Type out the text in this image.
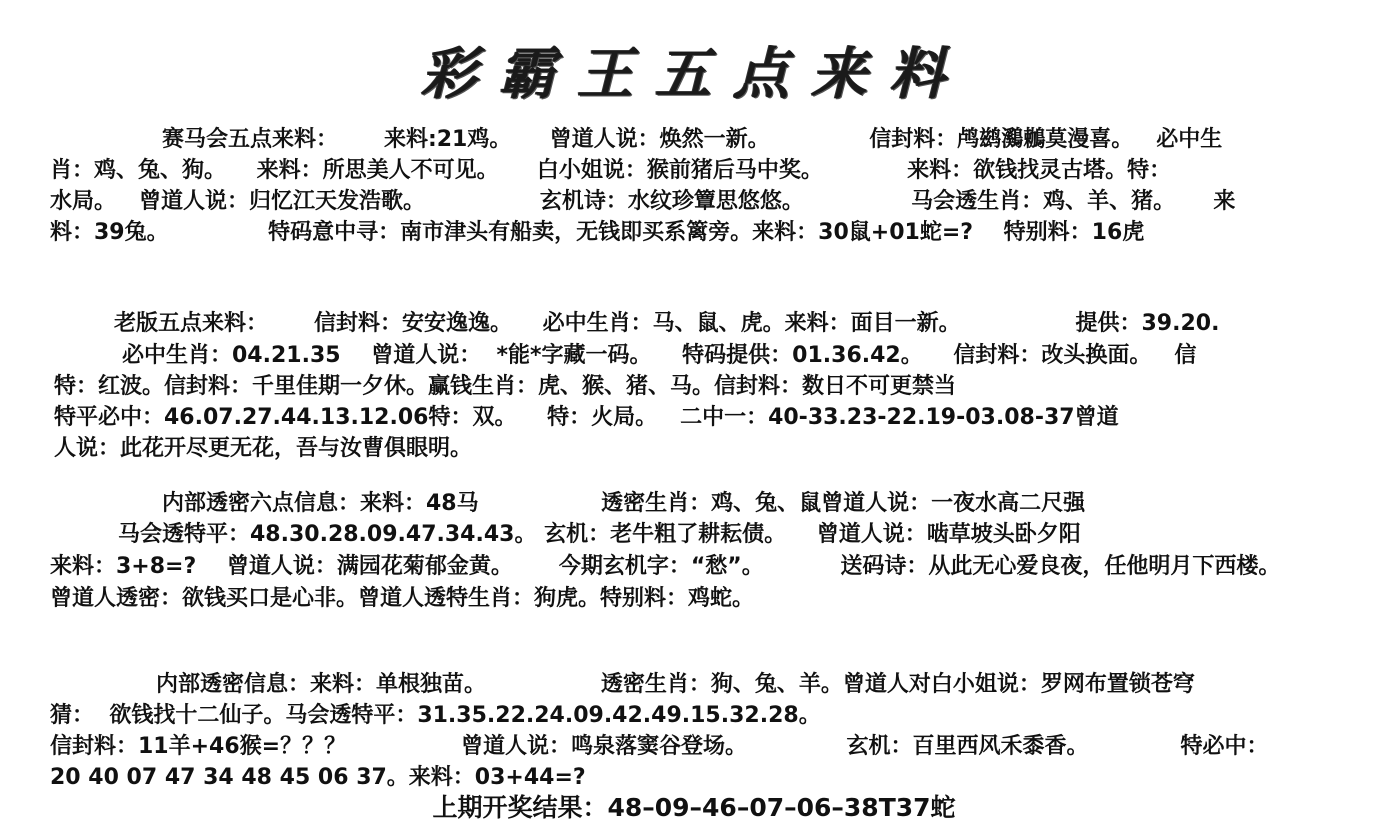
彩霸王五点来料
赛马会五点来料：      来料:21鸡。     曾道人说：焕然一新。             信封料：鸬鹚鸂鶒莫漫喜。   必中生
肖：鸡、兔、狗。    来料：所思美人不可见。     白小姐说：猴前猪后马中奖。           来料：欲钱找灵古塔。特：
水局。   曾道人说：归忆江天发浩歌。               玄机诗：水纹珍簟思悠悠。              马会透生肖：鸡、羊、猪。     来
料：39兔。             特码意中寻：南市津头有船卖，无钱即买系篱旁。来料：30鼠+01蛇=?    特别料：16虎
老版五点来料：      信封料：安安逸逸。    必中生肖：马、鼠、虎。来料：面目一新。               提供：39.20.
必中生肖：04.21.35    曾道人说：  *能*字藏一码。    特码提供：01.36.42。    信封料：改头换面。   信
特：红波。信封料：千里佳期一夕休。赢钱生肖：虎、猴、猪、马。信封料：数日不可更禁当
特平必中：46.07.27.44.13.12.06特：双。    特：火局。   二中一：40-33.23-22.19-03.08-37曾道
人说：此花开尽更无花，吾与汝曹俱眼明。
内部透密六点信息：来料：48马                透密生肖：鸡、兔、鼠曾道人说：一夜水高二尺强
马会透特平：48.30.28.09.47.34.43。 玄机：老牛粗了耕耘债。    曾道人说：啮草坡头卧夕阳
来料：3+8=?    曾道人说：满园花菊郁金黄。      今期玄机字：“愁”。          送码诗：从此无心爱良夜，任他明月下西楼。
曾道人透密：欲钱买口是心非。曾道人透特生肖：狗虎。特别料：鸡蛇。
内部透密信息：来料：单根独苗。               透密生肖：狗、兔、羊。曾道人对白小姐说：罗网布置锁苍穹
猜：  欲钱找十二仙子。马会透特平：31.35.22.24.09.42.49.15.32.28。
信封料：11羊+46猴=？？？               曾道人说：鸣泉落窦谷登场。             玄机：百里西风禾黍香。            特必中：
20 40 07 47 34 48 45 06 37。来料：03+44=?
上期开奖结果：48–09–46–07–06–38T37蛇
